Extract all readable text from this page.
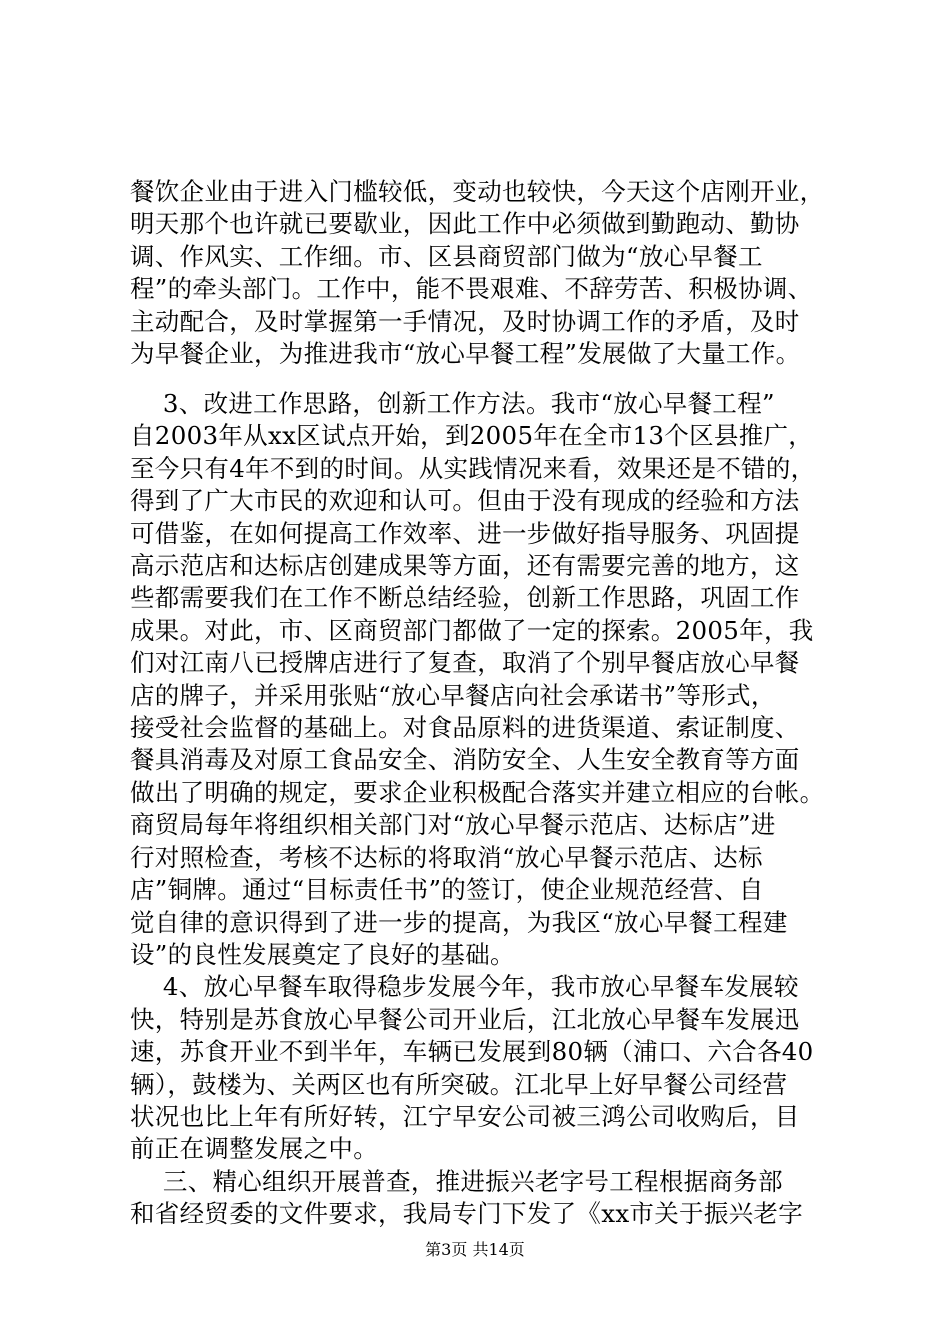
餐饮企业由于进入门槛较低，变动也较快，今天这个店刚开业，

明天那个也许就已要歇业，因此工作中必须做到勤跑动、勤协

调、作风实、工作细。市、区县商贸部门做为“放心早餐工

程”的牵头部门。工作中，能不畏艰难、不辞劳苦、积极协调、

主动配合，及时掌握第一手情况，及时协调工作的矛盾，及时

为早餐企业，为推进我市“放心早餐工程”发展做了大量工作。

　 3、改进工作思路，创新工作方法。我市“放心早餐工程”

自2003年从xx区试点开始，到2005年在全市13个区县推广，

至今只有4年不到的时间。从实践情况来看，效果还是不错的，

得到了广大市民的欢迎和认可。但由于没有现成的经验和方法

可借鉴，在如何提高工作效率、进一步做好指导服务、巩固提

高示范店和达标店创建成果等方面，还有需要完善的地方，这

些都需要我们在工作不断总结经验，创新工作思路，巩固工作

成果。对此，市、区商贸部门都做了一定的探索。2005年，我

们对江南八已授牌店进行了复查，取消了个别早餐店放心早餐

店的牌子，并采用张贴“放心早餐店向社会承诺书”等形式，

接受社会监督的基础上。对食品原料的进货渠道、索证制度、

餐具消毒及对原工食品安全、消防安全、人生安全教育等方面

做出了明确的规定，要求企业积极配合落实并建立相应的台帐。

商贸局每年将组织相关部门对“放心早餐示范店、达标店”进

行对照检查，考核不达标的将取消“放心早餐示范店、达标

店”铜牌。通过“目标责任书”的签订，使企业规范经营、自

觉自律的意识得到了进一步的提高，为我区“放心早餐工程建

设”的良性发展奠定了良好的基础。

　 4、放心早餐车取得稳步发展今年，我市放心早餐车发展较

快，特别是苏食放心早餐公司开业后，江北放心早餐车发展迅

速，苏食开业不到半年，车辆已发展到80辆（浦口、六合各40

辆），鼓楼为、关两区也有所突破。江北早上好早餐公司经营

状况也比上年有所好转，江宁早安公司被三鸿公司收购后，目

前正在调整发展之中。

　 三、精心组织开展普查，推进振兴老字号工程根据商务部

和省经贸委的文件要求，我局专门下发了《xx市关于振兴老字

第3页 共14页
